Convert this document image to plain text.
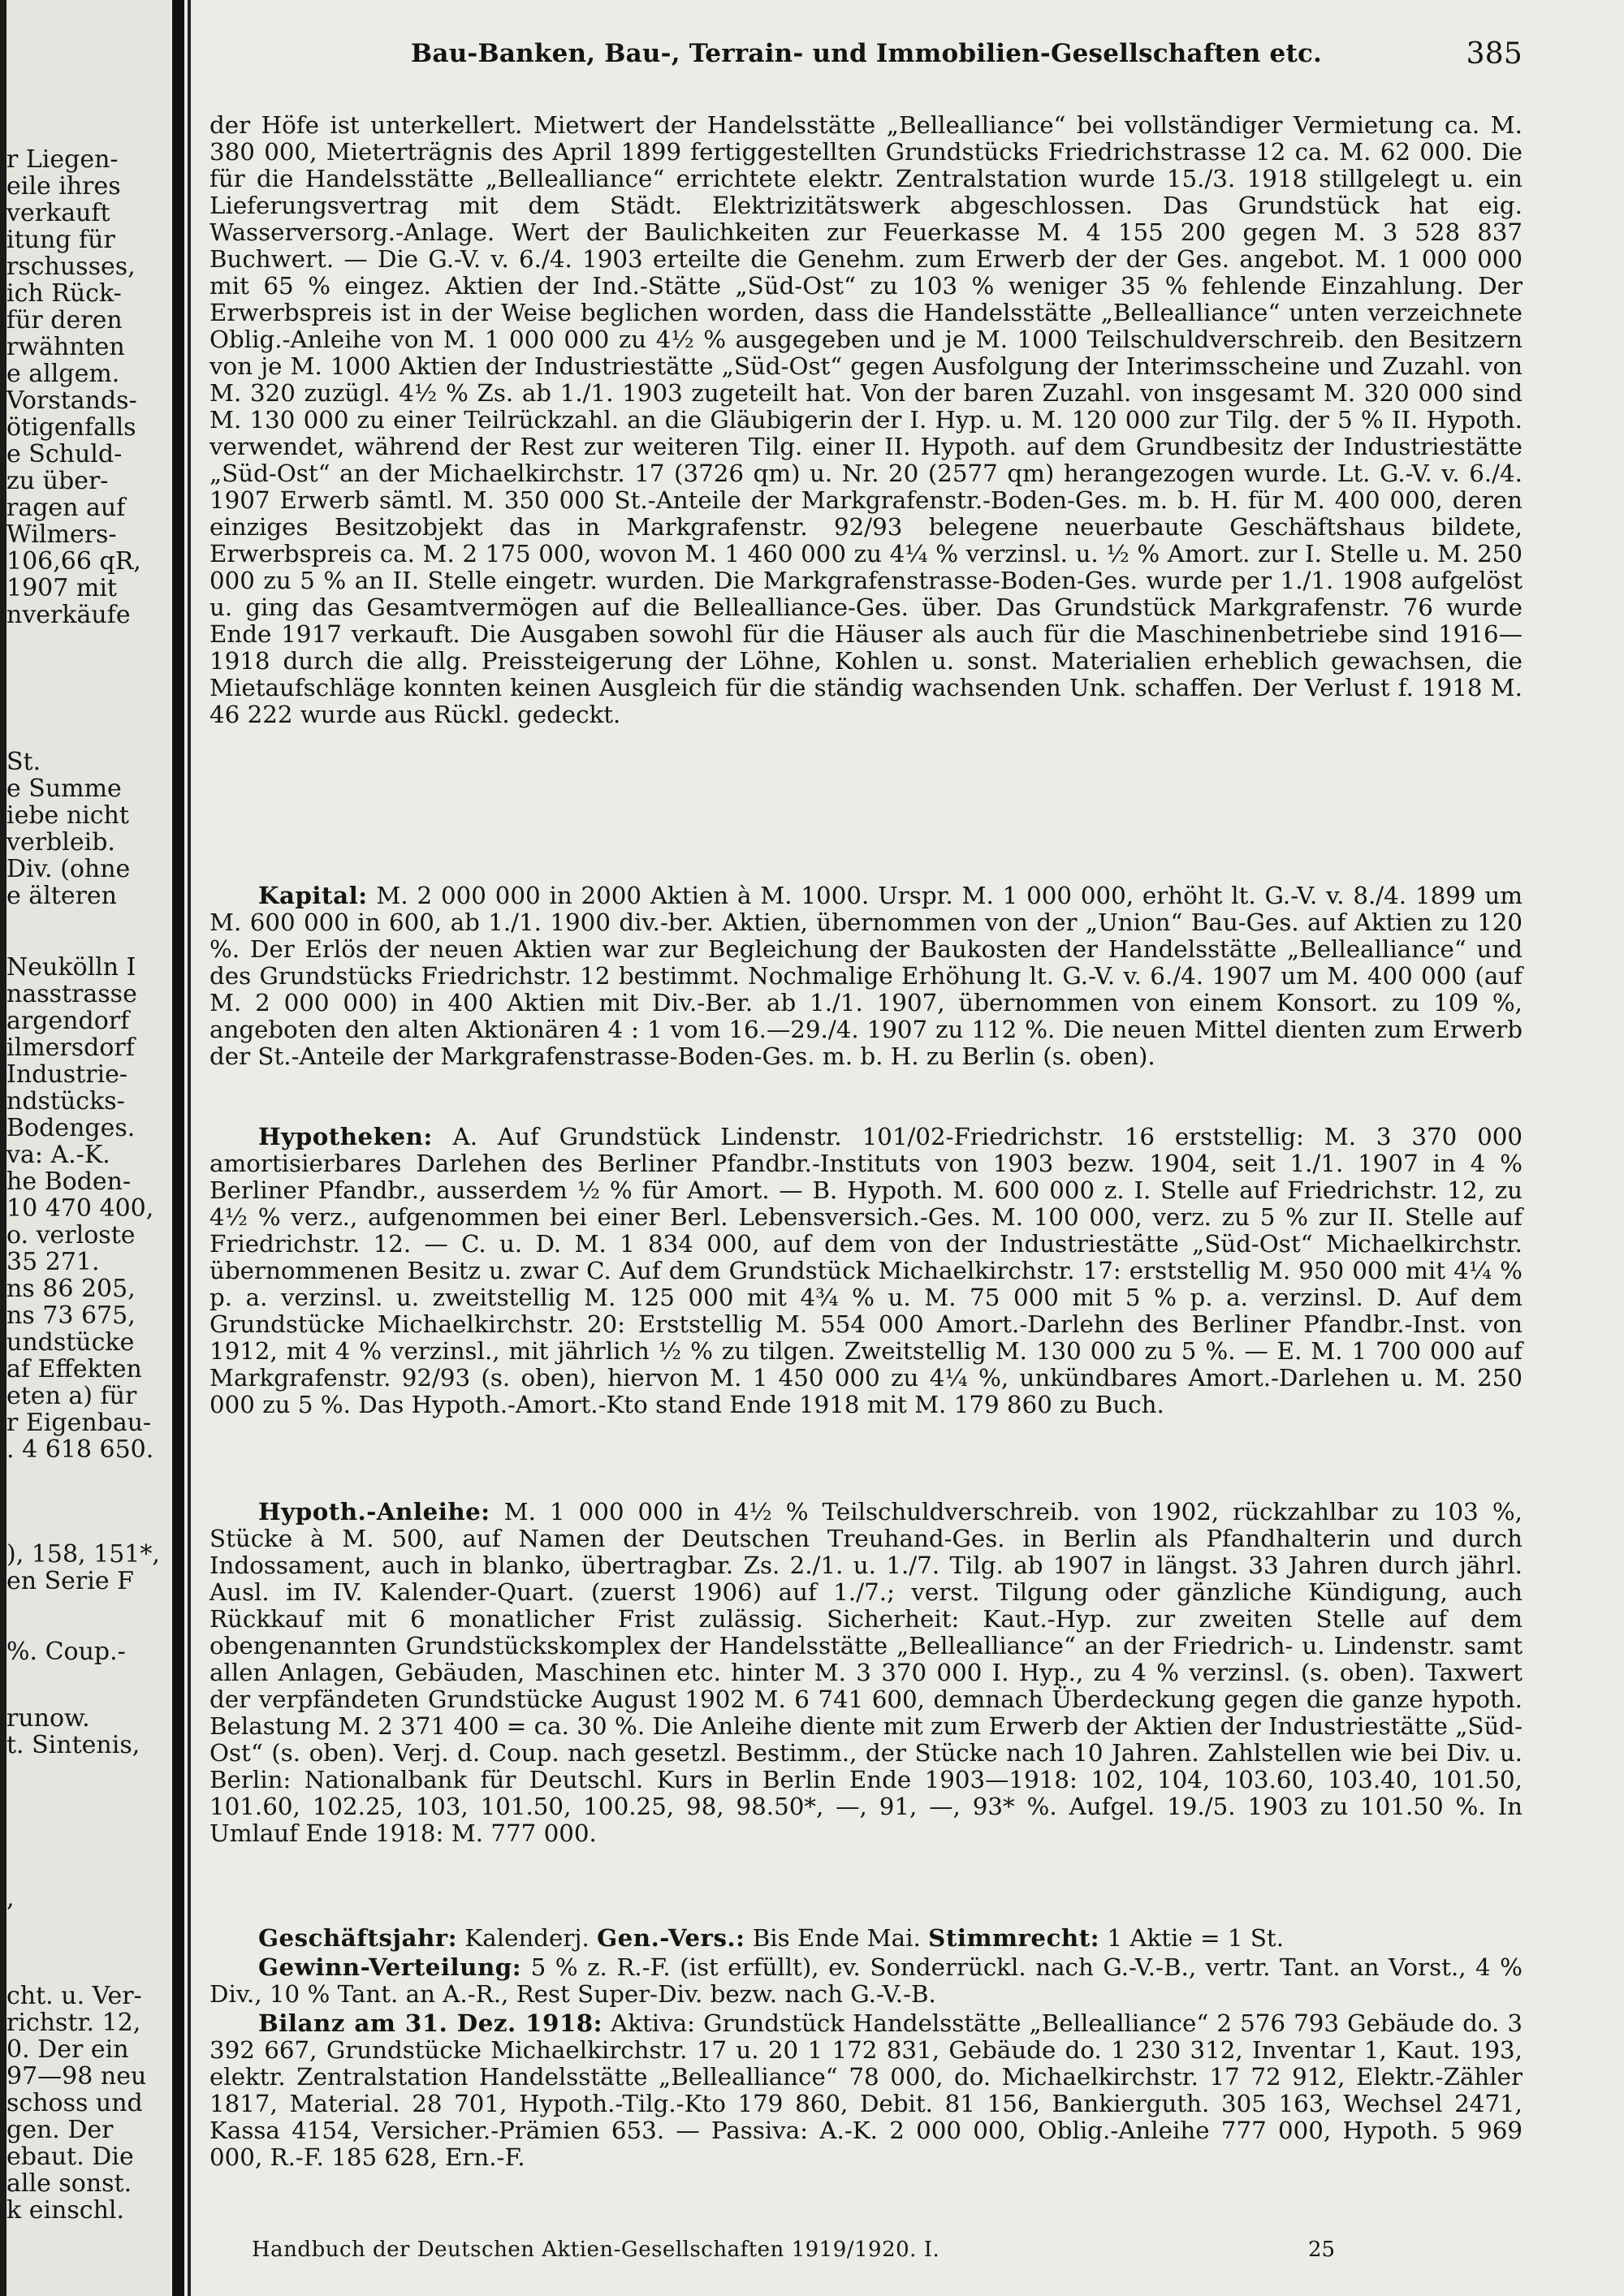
r Liegen-
eile ihres
verkauft
itung für
rschusses,
ich Rück-
für deren
rwähnten
e allgem.
Vorstands-
ötigenfalls
e Schuld-
zu über-
ragen auf
Wilmers-
106,66 qR,
1907 mit
nverkäufe
St.
e Summe
iebe nicht
verbleib.
Div. (ohne
e älteren
Neukölln I
nasstrasse
argendorf
ilmersdorf
Industrie-
ndstücks-
Bodenges.
va: A.-K.
he Boden-
10 470 400,
o. verloste
35 271.
ns 86 205,
ns 73 675,
undstücke
af Effekten
eten a) für
r Eigenbau-
. 4 618 650.
), 158, 151*,
en Serie F
%. Coup.-
runow.
t. Sintenis,
,
cht. u. Ver-
richstr. 12,
0. Der ein
97—98 neu
schoss und
gen. Der
ebaut. Die
alle sonst.
k einschl.
Bau-Banken, Bau-, Terrain- und Immobilien-Gesellschaften etc.	385
der Höfe ist unterkellert. Mietwert der Handelsstätte „Bellealliance“ bei vollständiger Vermietung ca. M. 380 000, Mieterträgnis des April 1899 fertiggestellten Grundstücks Friedrichstrasse 12 ca. M. 62 000. Die für die Handelsstätte „Bellealliance“ errichtete elektr. Zentralstation wurde 15./3. 1918 stillgelegt u. ein Lieferungsvertrag mit dem Städt. Elektrizitätswerk abgeschlossen. Das Grundstück hat eig. Wasserversorg.-Anlage. Wert der Baulichkeiten zur Feuerkasse M. 4 155 200 gegen M. 3 528 837 Buchwert. — Die G.-V. v. 6./4. 1903 erteilte die Genehm. zum Erwerb der der Ges. angebot. M. 1 000 000 mit 65 % eingez. Aktien der Ind.-Stätte „Süd-Ost“ zu 103 % weniger 35 % fehlende Einzahlung. Der Erwerbspreis ist in der Weise beglichen worden, dass die Handelsstätte „Bellealliance“ unten verzeichnete Oblig.-Anleihe von M. 1 000 000 zu 4½ % ausgegeben und je M. 1000 Teilschuldverschreib. den Besitzern von je M. 1000 Aktien der Industriestätte „Süd-Ost“ gegen Ausfolgung der Interimsscheine und Zuzahl. von M. 320 zuzügl. 4½ % Zs. ab 1./1. 1903 zugeteilt hat. Von der baren Zuzahl. von insgesamt M. 320 000 sind M. 130 000 zu einer Teilrückzahl. an die Gläubigerin der I. Hyp. u. M. 120 000 zur Tilg. der 5 % II. Hypoth. verwendet, während der Rest zur weiteren Tilg. einer II. Hypoth. auf dem Grundbesitz der Industriestätte „Süd-Ost“ an der Michaelkirchstr. 17 (3726 qm) u. Nr. 20 (2577 qm) herangezogen wurde. Lt. G.-V. v. 6./4. 1907 Erwerb sämtl. M. 350 000 St.-Anteile der Markgrafenstr.-Boden-Ges. m. b. H. für M. 400 000, deren einziges Besitzobjekt das in Markgrafenstr. 92/93 belegene neuerbaute Geschäftshaus bildete, Erwerbspreis ca. M. 2 175 000, wovon M. 1 460 000 zu 4¼ % verzinsl. u. ½ % Amort. zur I. Stelle u. M. 250 000 zu 5 % an II. Stelle eingetr. wurden. Die Markgrafenstrasse-Boden-Ges. wurde per 1./1. 1908 aufgelöst u. ging das Gesamtvermögen auf die Bellealliance-Ges. über. Das Grundstück Markgrafenstr. 76 wurde Ende 1917 verkauft. Die Ausgaben sowohl für die Häuser als auch für die Maschinenbetriebe sind 1916—1918 durch die allg. Preissteigerung der Löhne, Kohlen u. sonst. Materialien erheblich gewachsen, die Mietaufschläge konnten keinen Ausgleich für die ständig wachsenden Unk. schaffen. Der Verlust f. 1918 M. 46 222 wurde aus Rückl. gedeckt.
Kapital: M. 2 000 000 in 2000 Aktien à M. 1000. Urspr. M. 1 000 000, erhöht lt. G.-V. v. 8./4. 1899 um M. 600 000 in 600, ab 1./1. 1900 div.-ber. Aktien, übernommen von der „Union“ Bau-Ges. auf Aktien zu 120 %. Der Erlös der neuen Aktien war zur Begleichung der Baukosten der Handelsstätte „Bellealliance“ und des Grundstücks Friedrichstr. 12 bestimmt. Nochmalige Erhöhung lt. G.-V. v. 6./4. 1907 um M. 400 000 (auf M. 2 000 000) in 400 Aktien mit Div.-Ber. ab 1./1. 1907, übernommen von einem Konsort. zu 109 %, angeboten den alten Aktionären 4 : 1 vom 16.—29./4. 1907 zu 112 %. Die neuen Mittel dienten zum Erwerb der St.-Anteile der Markgrafenstrasse-Boden-Ges. m. b. H. zu Berlin (s. oben).
Hypotheken: A. Auf Grundstück Lindenstr. 101/02-Friedrichstr. 16 erststellig: M. 3 370 000 amortisierbares Darlehen des Berliner Pfandbr.-Instituts von 1903 bezw. 1904, seit 1./1. 1907 in 4 % Berliner Pfandbr., ausserdem ½ % für Amort. — B. Hypoth. M. 600 000 z. I. Stelle auf Friedrichstr. 12, zu 4½ % verz., aufgenommen bei einer Berl. Lebensversich.-Ges. M. 100 000, verz. zu 5 % zur II. Stelle auf Friedrichstr. 12. — C. u. D. M. 1 834 000, auf dem von der Industriestätte „Süd-Ost“ Michaelkirchstr. übernommenen Besitz u. zwar C. Auf dem Grundstück Michaelkirchstr. 17: erststellig M. 950 000 mit 4¼ % p. a. verzinsl. u. zweitstellig M. 125 000 mit 4¾ % u. M. 75 000 mit 5 % p. a. verzinsl. D. Auf dem Grundstücke Michaelkirchstr. 20: Erststellig M. 554 000 Amort.-Darlehn des Berliner Pfandbr.-Inst. von 1912, mit 4 % verzinsl., mit jährlich ½ % zu tilgen. Zweitstellig M. 130 000 zu 5 %. — E. M. 1 700 000 auf Markgrafenstr. 92/93 (s. oben), hiervon M. 1 450 000 zu 4¼ %, unkündbares Amort.-Darlehen u. M. 250 000 zu 5 %. Das Hypoth.-Amort.-Kto stand Ende 1918 mit M. 179 860 zu Buch.
Hypoth.-Anleihe: M. 1 000 000 in 4½ % Teilschuldverschreib. von 1902, rückzahlbar zu 103 %, Stücke à M. 500, auf Namen der Deutschen Treuhand-Ges. in Berlin als Pfandhalterin und durch Indossament, auch in blanko, übertragbar. Zs. 2./1. u. 1./7. Tilg. ab 1907 in längst. 33 Jahren durch jährl. Ausl. im IV. Kalender-Quart. (zuerst 1906) auf 1./7.; verst. Tilgung oder gänzliche Kündigung, auch Rückkauf mit 6 monatlicher Frist zulässig. Sicherheit: Kaut.-Hyp. zur zweiten Stelle auf dem obengenannten Grundstückskomplex der Handelsstätte „Bellealliance“ an der Friedrich- u. Lindenstr. samt allen Anlagen, Gebäuden, Maschinen etc. hinter M. 3 370 000 I. Hyp., zu 4 % verzinsl. (s. oben). Taxwert der verpfändeten Grundstücke August 1902 M. 6 741 600, demnach Überdeckung gegen die ganze hypoth. Belastung M. 2 371 400 = ca. 30 %. Die Anleihe diente mit zum Erwerb der Aktien der Industriestätte „Süd-Ost“ (s. oben). Verj. d. Coup. nach gesetzl. Bestimm., der Stücke nach 10 Jahren. Zahlstellen wie bei Div. u. Berlin: Nationalbank für Deutschl. Kurs in Berlin Ende 1903—1918: 102, 104, 103.60, 103.40, 101.50, 101.60, 102.25, 103, 101.50, 100.25, 98, 98.50*, —, 91, —, 93* %. Aufgel. 19./5. 1903 zu 101.50 %. In Umlauf Ende 1918: M. 777 000.
Geschäftsjahr: Kalenderj. Gen.-Vers.: Bis Ende Mai. Stimmrecht: 1 Aktie = 1 St.
Gewinn-Verteilung: 5 % z. R.-F. (ist erfüllt), ev. Sonderrückl. nach G.-V.-B., vertr. Tant. an Vorst., 4 % Div., 10 % Tant. an A.-R., Rest Super-Div. bezw. nach G.-V.-B.
Bilanz am 31. Dez. 1918: Aktiva: Grundstück Handelsstätte „Bellealliance“ 2 576 793 Gebäude do. 3 392 667, Grundstücke Michaelkirchstr. 17 u. 20 1 172 831, Gebäude do. 1 230 312, Inventar 1, Kaut. 193, elektr. Zentralstation Handelsstätte „Bellealliance“ 78 000, do. Michaelkirchstr. 17 72 912, Elektr.-Zähler 1817, Material. 28 701, Hypoth.-Tilg.-Kto 179 860, Debit. 81 156, Bankierguth. 305 163, Wechsel 2471, Kassa 4154, Versicher.-Prämien 653. — Passiva: A.-K. 2 000 000, Oblig.-Anleihe 777 000, Hypoth. 5 969 000, R.-F. 185 628, Ern.-F.
Handbuch der Deutschen Aktien-Gesellschaften 1919/1920. I.	25
